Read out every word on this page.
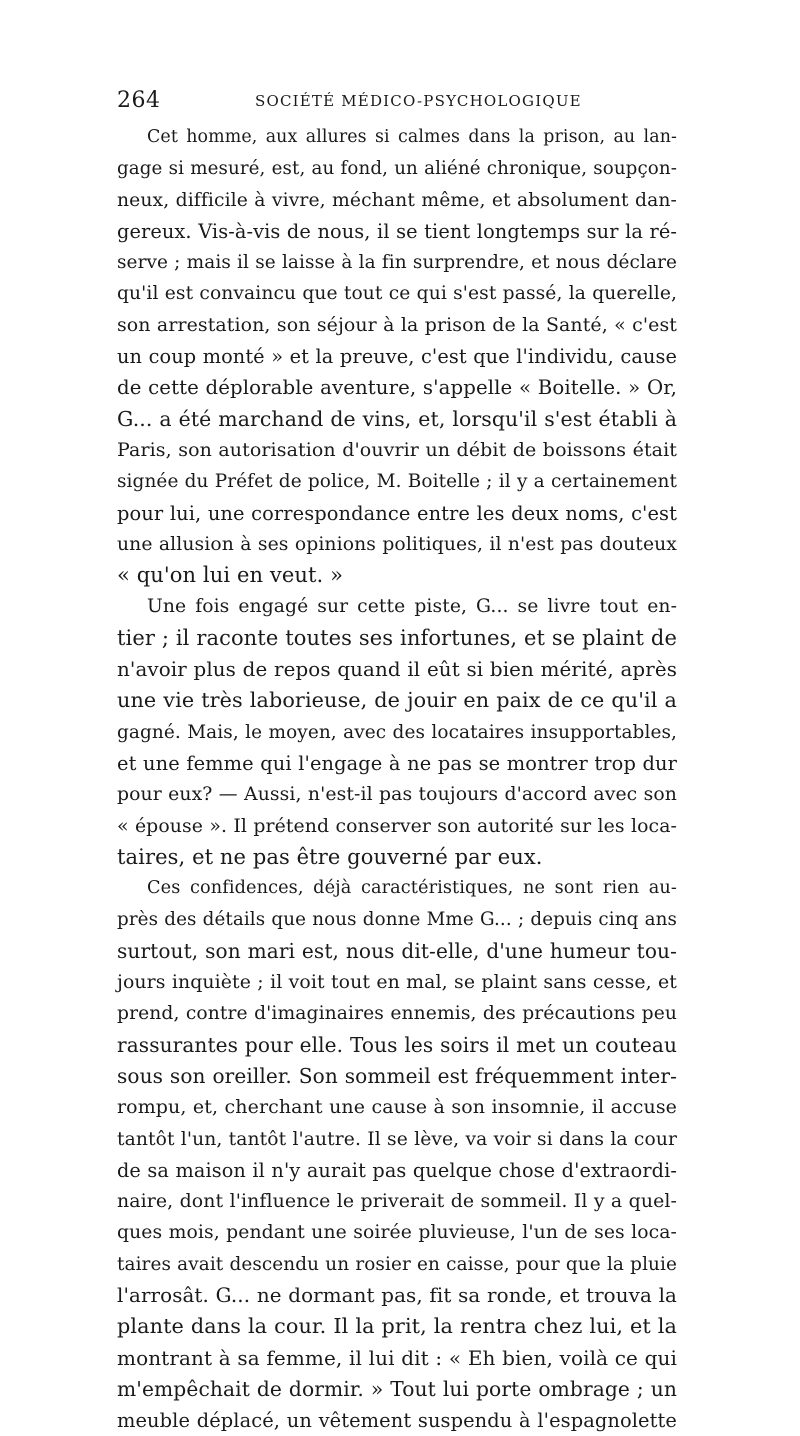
264	SOCIÉTÉ MÉDICO-PSYCHOLOGIQUE
Cet homme, aux allures si calmes dans la prison, au lan-
gage si mesuré, est, au fond, un aliéné chronique, soupçon-
neux, difficile à vivre, méchant même, et absolument dan-
gereux. Vis-à-vis de nous, il se tient longtemps sur la ré-
serve ; mais il se laisse à la fin surprendre, et nous déclare
qu'il est convaincu que tout ce qui s'est passé, la querelle,
son arrestation, son séjour à la prison de la Santé, « c'est
un coup monté » et la preuve, c'est que l'individu, cause
de cette déplorable aventure, s'appelle « Boitelle. » Or,
G... a été marchand de vins, et, lorsqu'il s'est établi à
Paris, son autorisation d'ouvrir un débit de boissons était
signée du Préfet de police, M. Boitelle ; il y a certainement
pour lui, une correspondance entre les deux noms, c'est
une allusion à ses opinions politiques, il n'est pas douteux
« qu'on lui en veut. »
Une fois engagé sur cette piste, G... se livre tout en-
tier ; il raconte toutes ses infortunes, et se plaint de
n'avoir plus de repos quand il eût si bien mérité, après
une vie très laborieuse, de jouir en paix de ce qu'il a
gagné. Mais, le moyen, avec des locataires insupportables,
et une femme qui l'engage à ne pas se montrer trop dur
pour eux? — Aussi, n'est-il pas toujours d'accord avec son
« épouse ». Il prétend conserver son autorité sur les loca-
taires, et ne pas être gouverné par eux.
Ces confidences, déjà caractéristiques, ne sont rien au-
près des détails que nous donne Mme G... ; depuis cinq ans
surtout, son mari est, nous dit-elle, d'une humeur tou-
jours inquiète ; il voit tout en mal, se plaint sans cesse, et
prend, contre d'imaginaires ennemis, des précautions peu
rassurantes pour elle. Tous les soirs il met un couteau
sous son oreiller. Son sommeil est fréquemment inter-
rompu, et, cherchant une cause à son insomnie, il accuse
tantôt l'un, tantôt l'autre. Il se lève, va voir si dans la cour
de sa maison il n'y aurait pas quelque chose d'extraordi-
naire, dont l'influence le priverait de sommeil. Il y a quel-
ques mois, pendant une soirée pluvieuse, l'un de ses loca-
taires avait descendu un rosier en caisse, pour que la pluie
l'arrosât. G... ne dormant pas, fit sa ronde, et trouva la
plante dans la cour. Il la prit, la rentra chez lui, et la
montrant à sa femme, il lui dit : « Eh bien, voilà ce qui
m'empêchait de dormir. » Tout lui porte ombrage ; un
meuble déplacé, un vêtement suspendu à l'espagnolette
